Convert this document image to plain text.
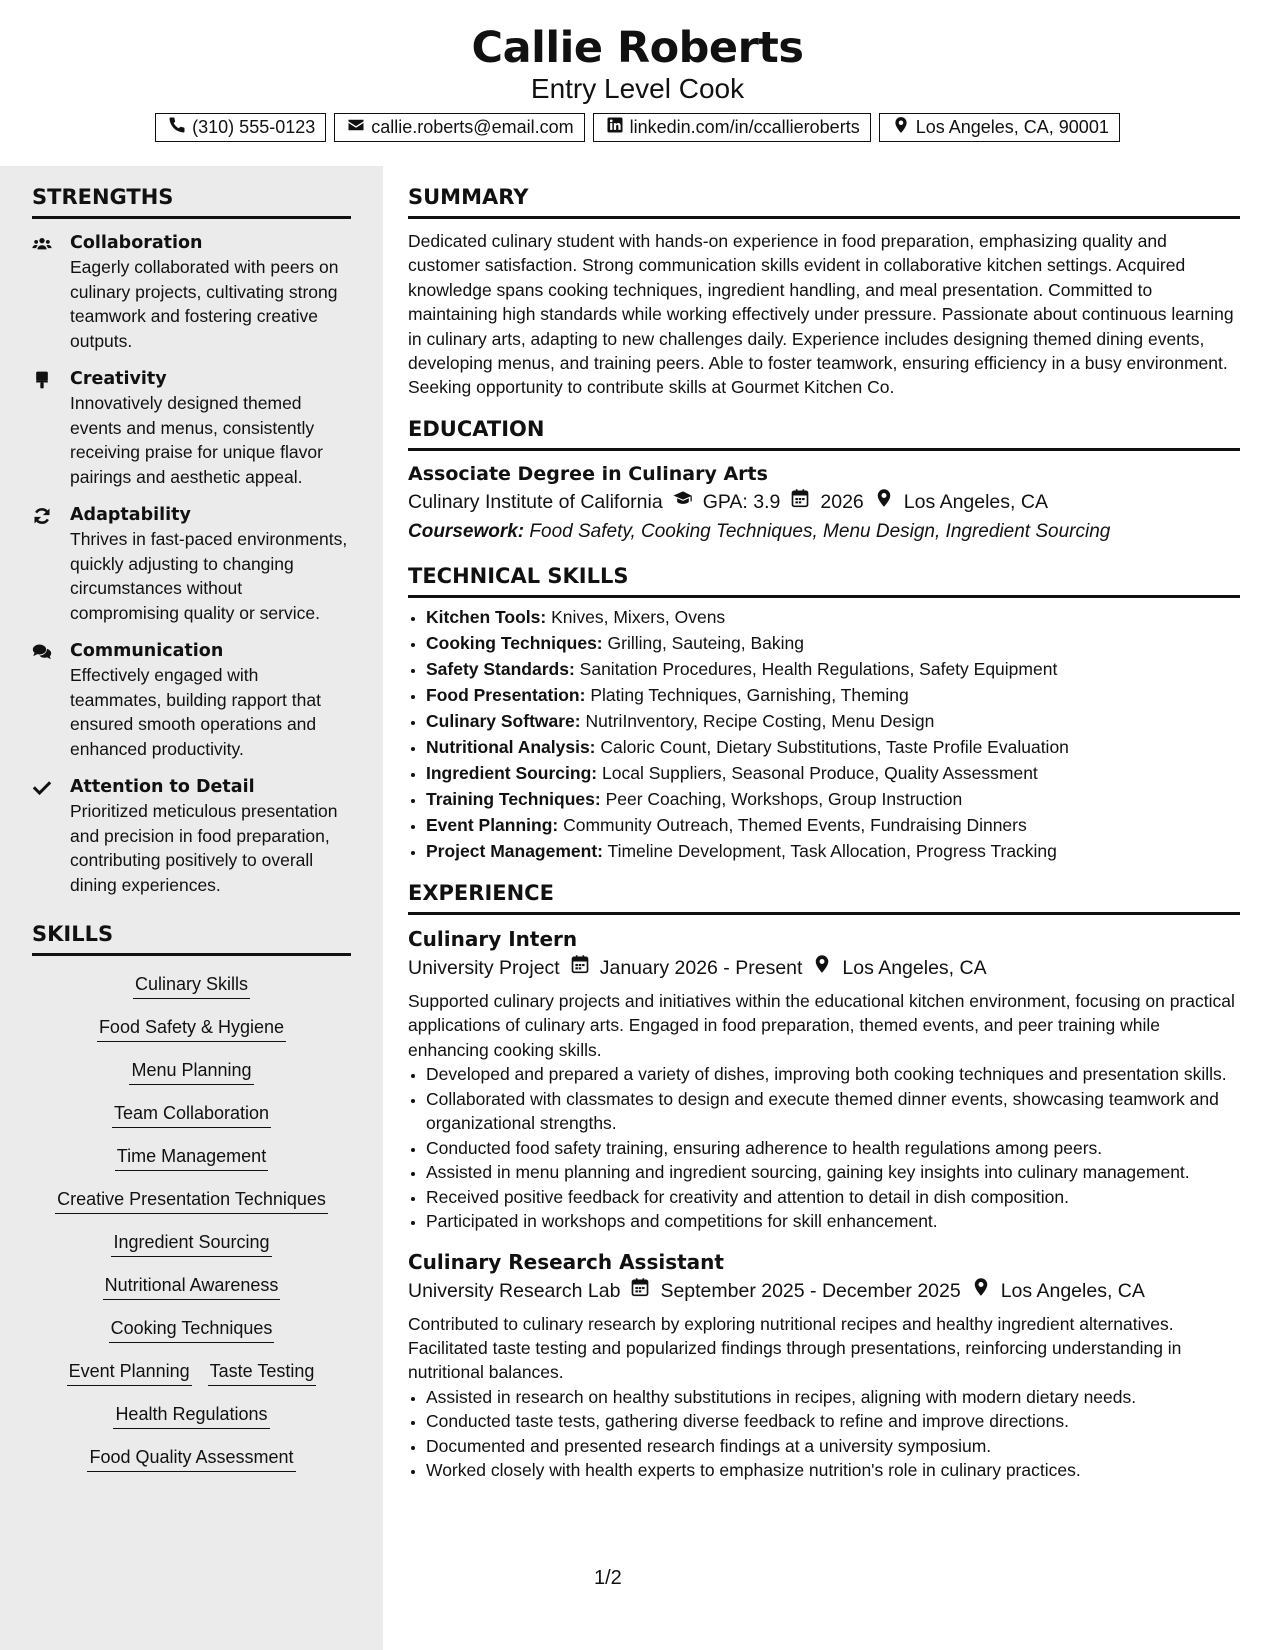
Callie Roberts
Entry Level Cook
(310) 555-0123	callie.roberts@email.com	linkedin.com/in/ccallieroberts	Los Angeles, CA, 90001
STRENGTHS
Collaboration
Eagerly collaborated with peers on culinary projects, cultivating strong teamwork and fostering creative outputs.
Creativity
Innovatively designed themed events and menus, consistently receiving praise for unique flavor pairings and aesthetic appeal.
Adaptability
Thrives in fast-paced environments, quickly adjusting to changing circumstances without compromising quality or service.
Communication
Effectively engaged with teammates, building rapport that ensured smooth operations and enhanced productivity.
Attention to Detail
Prioritized meticulous presentation and precision in food preparation, contributing positively to overall dining experiences.
SKILLS
Culinary Skills
Food Safety & Hygiene
Menu Planning
Team Collaboration
Time Management
Creative Presentation Techniques
Ingredient Sourcing
Nutritional Awareness
Cooking Techniques
Event Planning Taste Testing
Health Regulations
Food Quality Assessment
SUMMARY

Dedicated culinary student with hands-on experience in food preparation, emphasizing quality and customer satisfaction. Strong communication skills evident in collaborative kitchen settings. Acquired knowledge spans cooking techniques, ingredient handling, and meal presentation. Committed to maintaining high standards while working effectively under pressure. Passionate about continuous learning in culinary arts, adapting to new challenges daily. Experience includes designing themed dining events, developing menus, and training peers. Able to foster teamwork, ensuring efficiency in a busy environment. Seeking opportunity to contribute skills at Gourmet Kitchen Co.

EDUCATION
Associate Degree in Culinary Arts
Culinary Institute of California GPA: 3.9 2026 Los Angeles, CA
Coursework: Food Safety, Cooking Techniques, Menu Design, Ingredient Sourcing
TECHNICAL SKILLS
• Kitchen Tools: Knives, Mixers, Ovens
• Cooking Techniques: Grilling, Sauteing, Baking
• Safety Standards: Sanitation Procedures, Health Regulations, Safety Equipment
• Food Presentation: Plating Techniques, Garnishing, Theming
• Culinary Software: NutriInventory, Recipe Costing, Menu Design
• Nutritional Analysis: Caloric Count, Dietary Substitutions, Taste Profile Evaluation
• Ingredient Sourcing: Local Suppliers, Seasonal Produce, Quality Assessment
• Training Techniques: Peer Coaching, Workshops, Group Instruction
• Event Planning: Community Outreach, Themed Events, Fundraising Dinners
• Project Management: Timeline Development, Task Allocation, Progress Tracking
EXPERIENCE
Culinary Intern
University Project January 2026 - Present Los Angeles, CA

Supported culinary projects and initiatives within the educational kitchen environment, focusing on practical applications of culinary arts. Engaged in food preparation, themed events, and peer training while enhancing cooking skills.

• Developed and prepared a variety of dishes, improving both cooking techniques and presentation skills.
• Collaborated with classmates to design and execute themed dinner events, showcasing teamwork and organizational strengths.
• Conducted food safety training, ensuring adherence to health regulations among peers.
• Assisted in menu planning and ingredient sourcing, gaining key insights into culinary management.
• Received positive feedback for creativity and attention to detail in dish composition.
• Participated in workshops and competitions for skill enhancement.
Culinary Research Assistant
University Research Lab September 2025 - December 2025 Los Angeles, CA

Contributed to culinary research by exploring nutritional recipes and healthy ingredient alternatives. Facilitated taste testing and popularized findings through presentations, reinforcing understanding in nutritional balances.

• Assisted in research on healthy substitutions in recipes, aligning with modern dietary needs.
• Conducted taste tests, gathering diverse feedback to refine and improve directions.
• Documented and presented research findings at a university symposium.
• Worked closely with health experts to emphasize nutrition's role in culinary practices.
1/2
